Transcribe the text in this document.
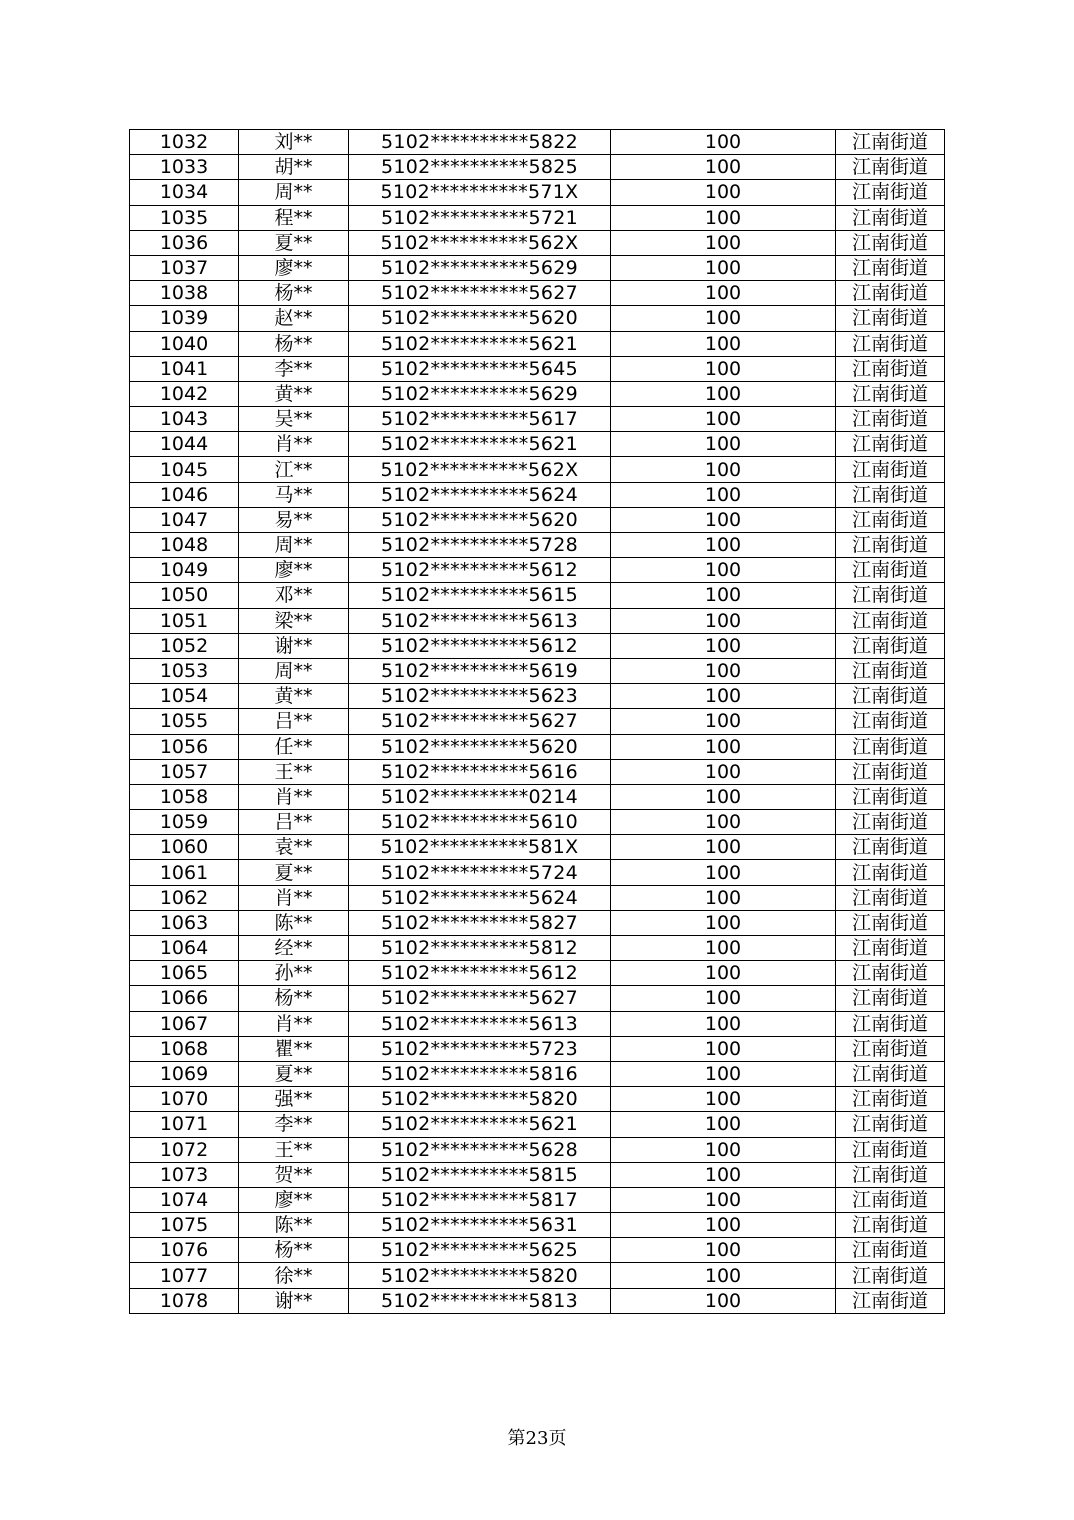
1032	刘**	5102**********5822	100	江南街道
1033	胡**	5102**********5825	100	江南街道
1034	周**	5102**********571X	100	江南街道
1035	程**	5102**********5721	100	江南街道
1036	夏**	5102**********562X	100	江南街道
1037	廖**	5102**********5629	100	江南街道
1038	杨**	5102**********5627	100	江南街道
1039	赵**	5102**********5620	100	江南街道
1040	杨**	5102**********5621	100	江南街道
1041	李**	5102**********5645	100	江南街道
1042	黄**	5102**********5629	100	江南街道
1043	吴**	5102**********5617	100	江南街道
1044	肖**	5102**********5621	100	江南街道
1045	江**	5102**********562X	100	江南街道
1046	马**	5102**********5624	100	江南街道
1047	易**	5102**********5620	100	江南街道
1048	周**	5102**********5728	100	江南街道
1049	廖**	5102**********5612	100	江南街道
1050	邓**	5102**********5615	100	江南街道
1051	梁**	5102**********5613	100	江南街道
1052	谢**	5102**********5612	100	江南街道
1053	周**	5102**********5619	100	江南街道
1054	黄**	5102**********5623	100	江南街道
1055	吕**	5102**********5627	100	江南街道
1056	任**	5102**********5620	100	江南街道
1057	王**	5102**********5616	100	江南街道
1058	肖**	5102**********0214	100	江南街道
1059	吕**	5102**********5610	100	江南街道
1060	袁**	5102**********581X	100	江南街道
1061	夏**	5102**********5724	100	江南街道
1062	肖**	5102**********5624	100	江南街道
1063	陈**	5102**********5827	100	江南街道
1064	经**	5102**********5812	100	江南街道
1065	孙**	5102**********5612	100	江南街道
1066	杨**	5102**********5627	100	江南街道
1067	肖**	5102**********5613	100	江南街道
1068	瞿**	5102**********5723	100	江南街道
1069	夏**	5102**********5816	100	江南街道
1070	强**	5102**********5820	100	江南街道
1071	李**	5102**********5621	100	江南街道
1072	王**	5102**********5628	100	江南街道
1073	贺**	5102**********5815	100	江南街道
1074	廖**	5102**********5817	100	江南街道
1075	陈**	5102**********5631	100	江南街道
1076	杨**	5102**********5625	100	江南街道
1077	徐**	5102**********5820	100	江南街道
1078	谢**	5102**********5813	100	江南街道
第23页
